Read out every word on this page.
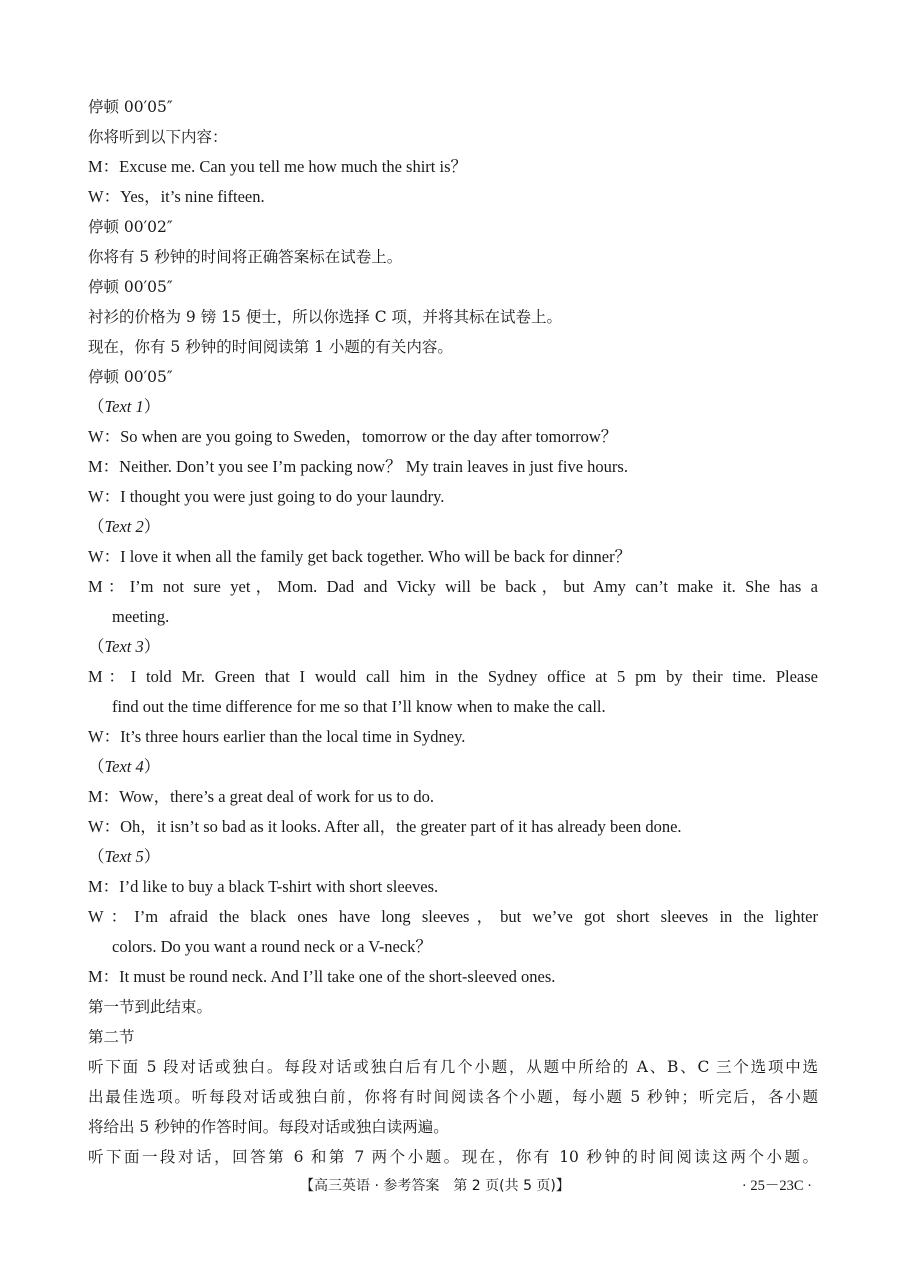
停顿 00′05″
你将听到以下内容：
M：Excuse me. Can you tell me how much the shirt is？
W：Yes，it’s nine fifteen.
停顿 00′02″
你将有 5 秒钟的时间将正确答案标在试卷上。
停顿 00′05″
衬衫的价格为 9 镑 15 便士，所以你选择 C 项，并将其标在试卷上。
现在，你有 5 秒钟的时间阅读第 1 小题的有关内容。
停顿 00′05″
（Text 1）
W：So when are you going to Sweden，tomorrow or the day after tomorrow？
M：Neither. Don’t you see I’m packing now？ My train leaves in just five hours.
W：I thought you were just going to do your laundry.
（Text 2）
W：I love it when all the family get back together. Who will be back for dinner？
M：I’m not sure yet，Mom. Dad and Vicky will be back，but Amy can’t make it. She has a
meeting.
（Text 3）
M：I told Mr. Green that I would call him in the Sydney office at 5 pm by their time. Please
find out the time difference for me so that I’ll know when to make the call.
W：It’s three hours earlier than the local time in Sydney.
（Text 4）
M：Wow，there’s a great deal of work for us to do.
W：Oh，it isn’t so bad as it looks. After all，the greater part of it has already been done.
（Text 5）
M：I’d like to buy a black T-shirt with short sleeves.
W：I’m afraid the black ones have long sleeves，but we’ve got short sleeves in the lighter
colors. Do you want a round neck or a V-neck？
M：It must be round neck. And I’ll take one of the short-sleeved ones.
第一节到此结束。
第二节
听下面 5 段对话或独白。每段对话或独白后有几个小题，从题中所给的 A、B、C 三个选项中选
出最佳选项。听每段对话或独白前，你将有时间阅读各个小题，每小题 5 秒钟；听完后，各小题
将给出 5 秒钟的作答时间。每段对话或独白读两遍。
听下面一段对话，回答第 6 和第 7 两个小题。现在，你有 10 秒钟的时间阅读这两个小题。
【高三英语 · 参考答案　第 2 页(共 5 页)】	· 25－23C ·
